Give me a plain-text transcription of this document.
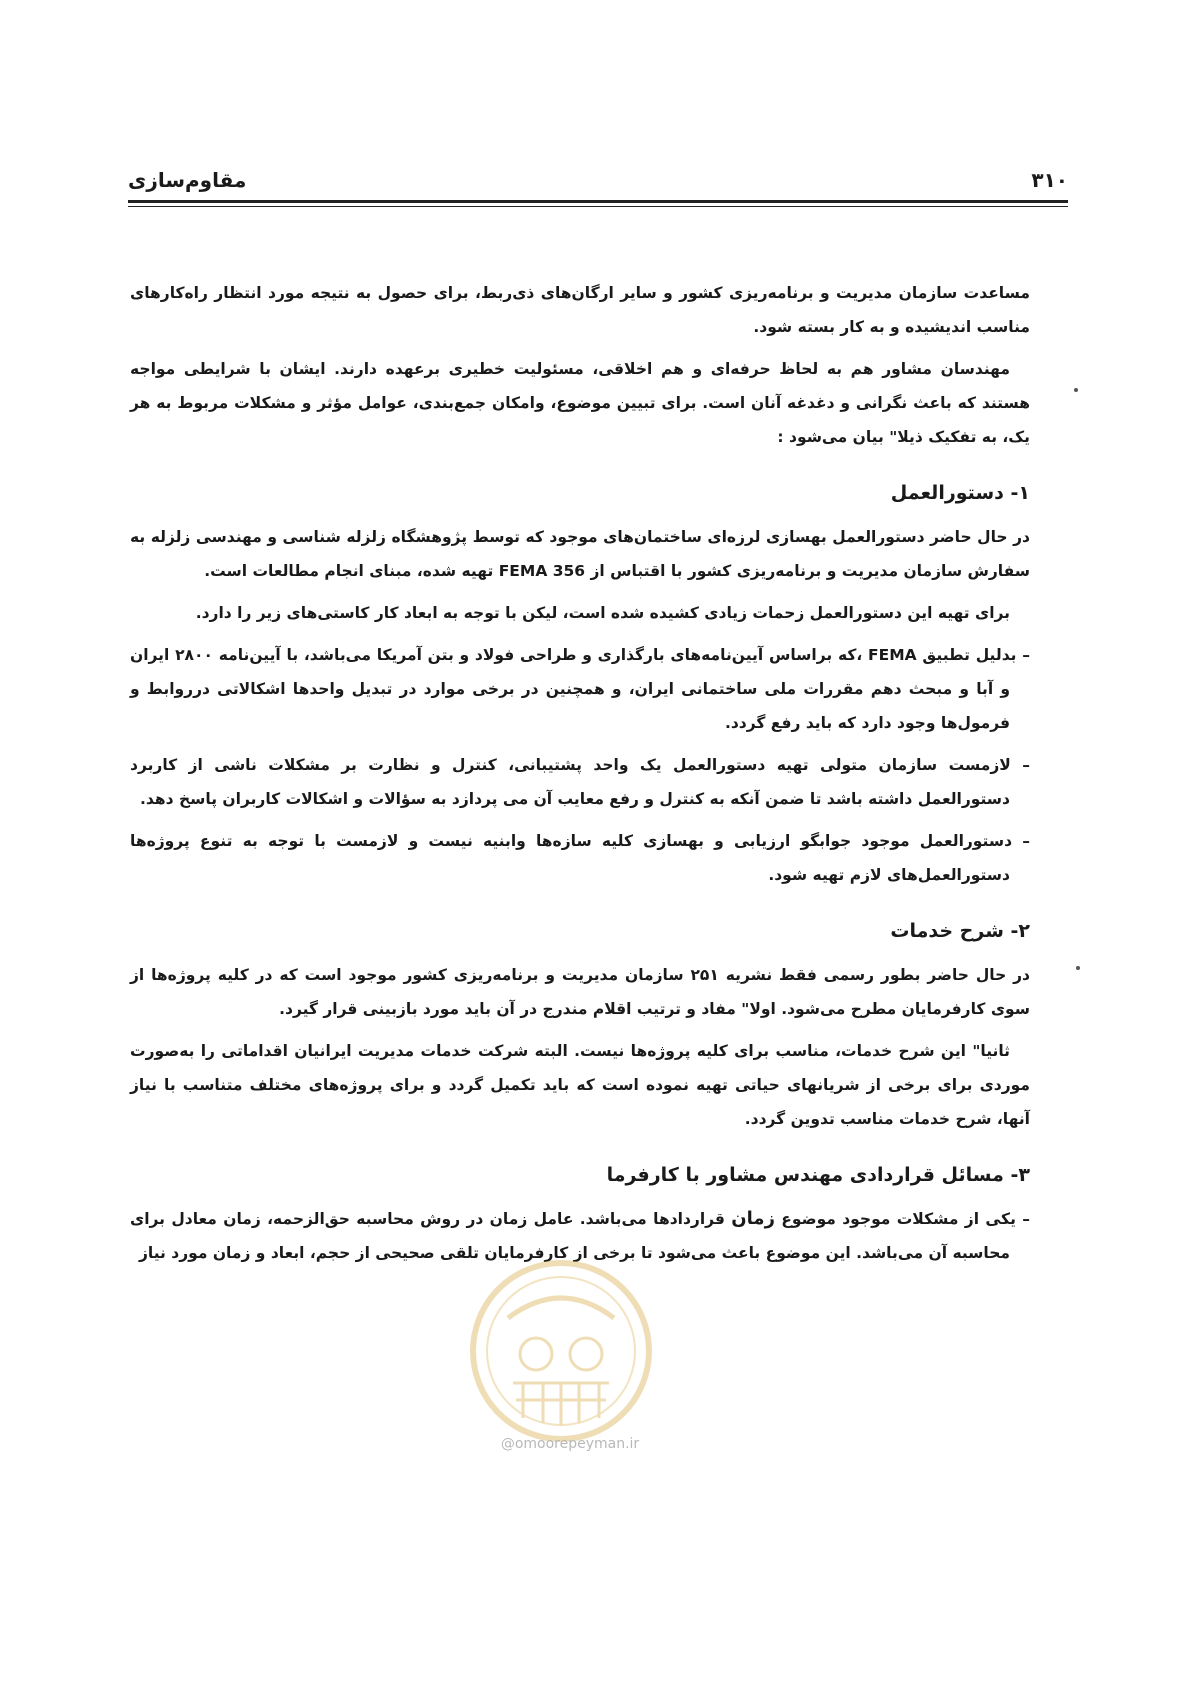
۳۱۰
مقاوم‌سازی

مساعدت سازمان مدیریت و برنامه‌ریزی کشور و سایر ارگان‌های ذی‌ربط، برای حصول به نتیجه مورد انتظار راه‌کارهای مناسب اندیشیده و به کار بسته شود.

مهندسان مشاور هم به لحاظ حرفه‌ای و هم اخلاقی، مسئولیت خطیری برعهده دارند. ایشان با شرایطی مواجه هستند که باعث نگرانی و دغدغه آنان است. برای تبیین موضوع، وامکان جمع‌بندی، عوامل مؤثر و مشکلات مربوط به هر یک، به تفکیک ذیلا" بیان می‌شود :

۱- دستورالعمل

در حال حاضر دستورالعمل بهسازی لرزه‌ای ساختمان‌های موجود که توسط پژوهشگاه زلزله شناسی و مهندسی زلزله به سفارش سازمان مدیریت و برنامه‌ریزی کشور با اقتباس از FEMA 356 تهیه شده، مبنای انجام مطالعات است.

برای تهیه این دستورالعمل زحمات زیادی کشیده شده است، لیکن با توجه به ابعاد کار کاستی‌های زیر را دارد.

– بدلیل تطبیق FEMA ،که براساس آیین‌نامه‌های بارگذاری و طراحی فولاد و بتن آمریکا می‌باشد، با آیین‌نامه ۲۸۰۰ ایران و آبا و مبحث دهم مقررات ملی ساختمانی ایران، و همچنین در برخی موارد در تبدیل واحدها اشکالاتی درروابط و فرمول‌ها وجود دارد که باید رفع گردد.

– لازمست سازمان متولی تهیه دستورالعمل یک واحد پشتیبانی، کنترل و نظارت بر مشکلات ناشی از کاربرد دستورالعمل داشته باشد تا ضمن آنکه به کنترل و رفع معایب آن می پردازد به سؤالات و اشکالات کاربران پاسخ دهد.

– دستورالعمل موجود جوابگو ارزیابی و بهسازی کلیه سازه‌ها وابنیه نیست و لازمست با توجه به تنوع پروژه‌ها دستورالعمل‌های لازم تهیه شود.

۲- شرح خدمات

در حال حاضر بطور رسمی فقط نشریه ۲۵۱ سازمان مدیریت و برنامه‌ریزی کشور موجود است که در کلیه پروژه‌ها از سوی کارفرمایان مطرح می‌شود. اولا" مفاد و ترتیب اقلام مندرج در آن باید مورد بازبینی قرار گیرد.

ثانیا" این شرح خدمات، مناسب برای کلیه پروژه‌ها نیست. البته شرکت خدمات مدیریت ایرانیان اقداماتی را به‌صورت موردی برای برخی از شریانهای حیاتی تهیه نموده است که باید تکمیل گردد و برای پروژه‌های مختلف متناسب با نیاز آنها، شرح خدمات مناسب تدوین گردد.

۳- مسائل قراردادی مهندس مشاور با کارفرما

– یکی از مشکلات موجود موضوع زمان قراردادها می‌باشد. عامل زمان در روش محاسبه حق‌الزحمه، زمان معادل برای محاسبه آن می‌باشد. این موضوع باعث می‌شود تا برخی از کارفرمایان تلقی صحیحی از حجم، ابعاد و زمان مورد نیاز

@omoorepeyman.ir
